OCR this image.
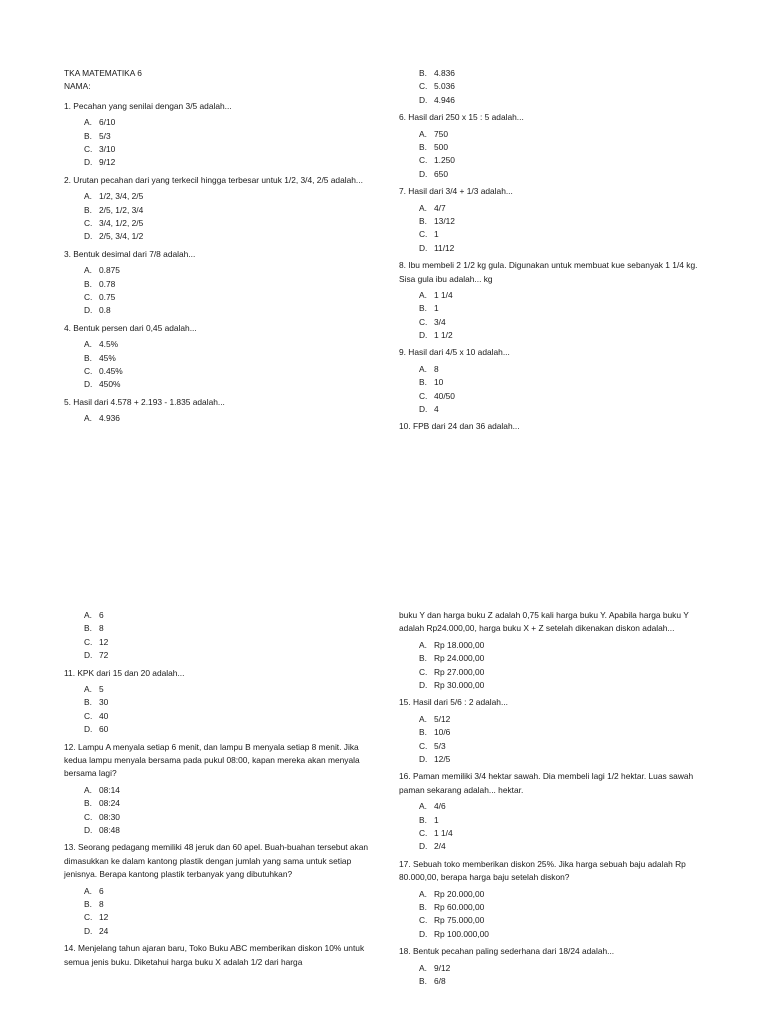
TKA MATEMATIKA 6
NAMA:
1. Pecahan yang senilai dengan 3/5 adalah...
A. 6/10
B. 5/3
C. 3/10
D. 9/12
2. Urutan pecahan dari yang terkecil hingga terbesar untuk 1/2, 3/4, 2/5 adalah...
A. 1/2, 3/4, 2/5
B. 2/5, 1/2, 3/4
C. 3/4, 1/2, 2/5
D. 2/5, 3/4, 1/2
3. Bentuk desimal dari 7/8 adalah...
A. 0.875
B. 0.78
C. 0.75
D. 0.8
4. Bentuk persen dari 0,45 adalah...
A. 4.5%
B. 45%
C. 0.45%
D. 450%
5. Hasil dari 4.578 + 2.193 - 1.835 adalah...
A. 4.936
B. 4.836
C. 5.036
D. 4.946
6. Hasil dari 250 x 15 : 5 adalah...
A. 750
B. 500
C. 1.250
D. 650
7. Hasil dari 3/4 + 1/3 adalah...
A. 4/7
B. 13/12
C. 1
D. 11/12
8. Ibu membeli 2 1/2 kg gula. Digunakan untuk membuat kue sebanyak 1 1/4 kg. Sisa gula ibu adalah... kg
A. 1 1/4
B. 1
C. 3/4
D. 1 1/2
9. Hasil dari 4/5 x 10 adalah...
A. 8
B. 10
C. 40/50
D. 4
10. FPB dari 24 dan 36 adalah...
A. 6
B. 8
C. 12
D. 72
11. KPK dari 15 dan 20 adalah...
A. 5
B. 30
C. 40
D. 60
12. Lampu A menyala setiap 6 menit, dan lampu B menyala setiap 8 menit. Jika kedua lampu menyala bersama pada pukul 08:00, kapan mereka akan menyala bersama lagi?
A. 08:14
B. 08:24
C. 08:30
D. 08:48
13. Seorang pedagang memiliki 48 jeruk dan 60 apel. Buah-buahan tersebut akan dimasukkan ke dalam kantong plastik dengan jumlah yang sama untuk setiap jenisnya. Berapa kantong plastik terbanyak yang dibutuhkan?
A. 6
B. 8
C. 12
D. 24
14. Menjelang tahun ajaran baru, Toko Buku ABC memberikan diskon 10% untuk semua jenis buku. Diketahui harga buku X adalah 1/2 dari harga
buku Y dan harga buku Z adalah 0,75 kali harga buku Y. Apabila harga buku Y adalah Rp24.000,00, harga buku X + Z setelah dikenakan diskon adalah...
A. Rp 18.000,00
B. Rp 24.000,00
C. Rp 27.000,00
D. Rp 30.000,00
15. Hasil dari 5/6 : 2 adalah...
A. 5/12
B. 10/6
C. 5/3
D. 12/5
16. Paman memiliki 3/4 hektar sawah. Dia membeli lagi 1/2 hektar. Luas sawah paman sekarang adalah... hektar.
A. 4/6
B. 1
C. 1 1/4
D. 2/4
17. Sebuah toko memberikan diskon 25%. Jika harga sebuah baju adalah Rp 80.000,00, berapa harga baju setelah diskon?
A. Rp 20.000,00
B. Rp 60.000,00
C. Rp 75.000,00
D. Rp 100.000,00
18. Bentuk pecahan paling sederhana dari 18/24 adalah...
A. 9/12
B. 6/8
